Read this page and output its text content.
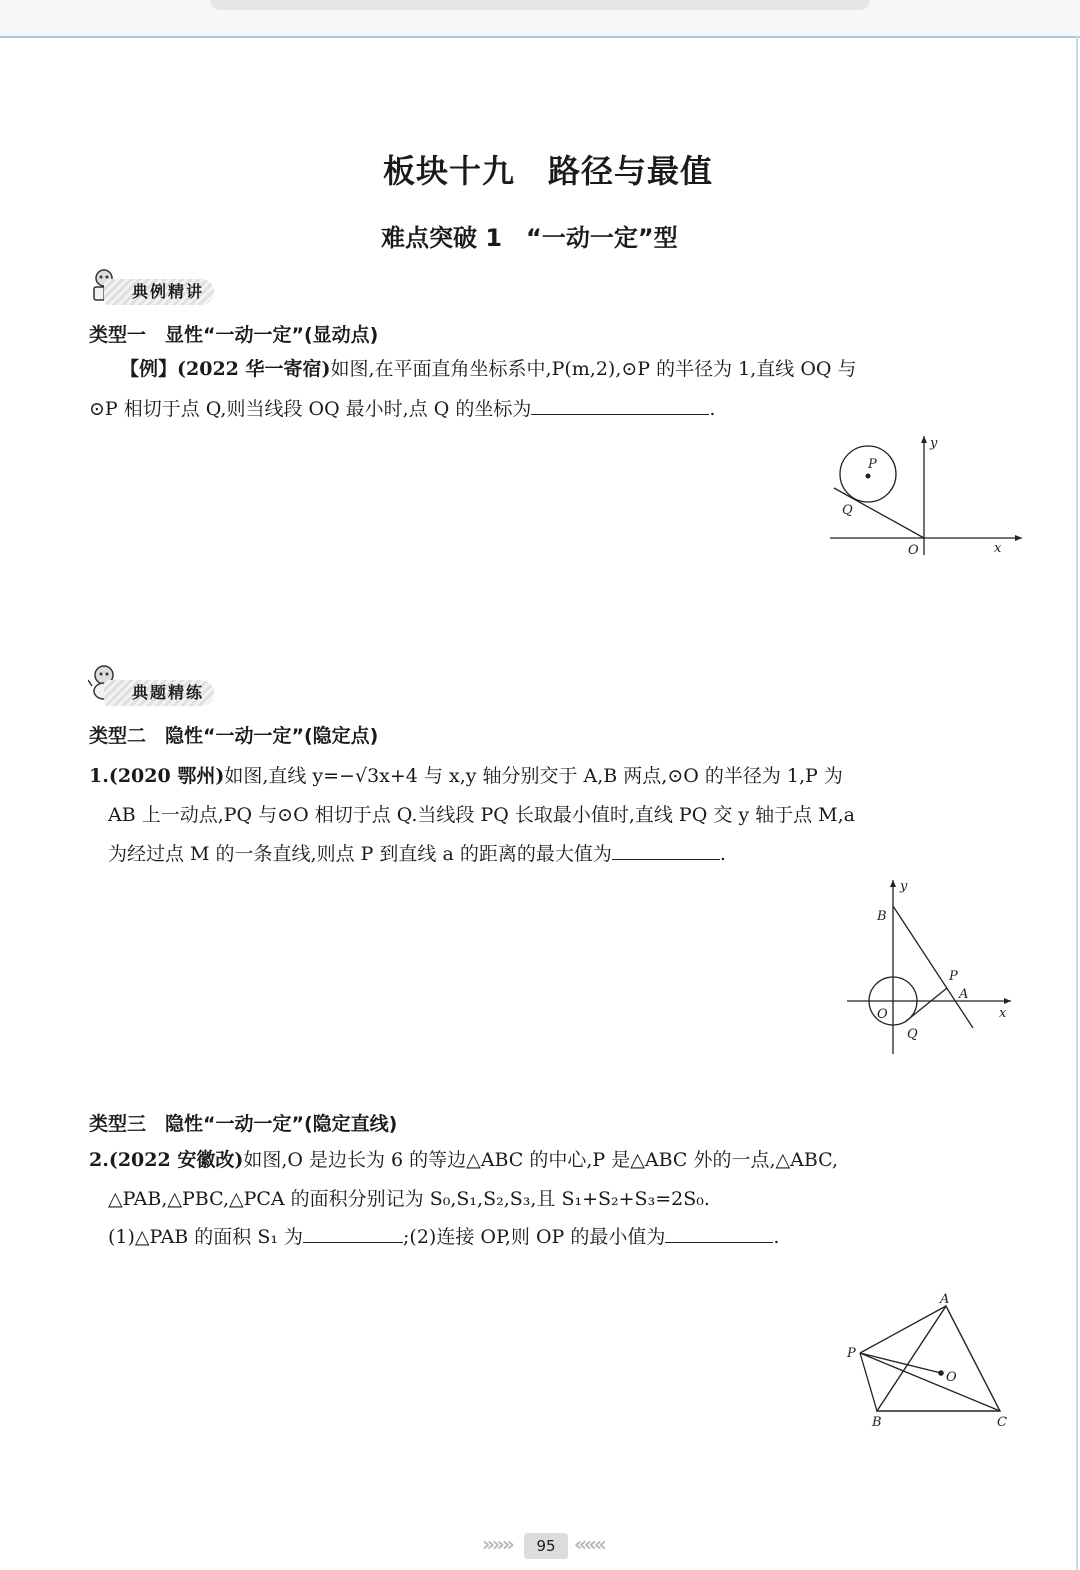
板块十九　路径与最值
难点突破 1　“一动一定”型
典例精讲
类型一　显性“一动一定”(显动点)
【例】(2022 华一寄宿)如图,在平面直角坐标系中,P(m,2),⊙P 的半径为 1,直线 OQ 与
⊙P 相切于点 Q,则当线段 OQ 最小时,点 Q 的坐标为	.
P
Q
O	x
y
典题精练
类型二　隐性“一动一定”(隐定点)
1.(2020 鄂州)如图,直线 y=−√3x+4 与 x,y 轴分别交于 A,B 两点,⊙O 的半径为 1,P 为
AB 上一动点,PQ 与⊙O 相切于点 Q.当线段 PQ 长取最小值时,直线 PQ 交 y 轴于点 M,a
为经过点 M 的一条直线,则点 P 到直线 a 的距离的最大值为	.
B
P
A
O
Q
x
y
类型三　隐性“一动一定”(隐定直线)
2.(2022 安徽改)如图,O 是边长为 6 的等边△ABC 的中心,P 是△ABC 外的一点,△ABC,
△PAB,△PBC,△PCA 的面积分别记为 S₀,S₁,S₂,S₃,且 S₁+S₂+S₃=2S₀.
(1)△PAB 的面积 S₁ 为	;(2)连接 OP,则 OP 的最小值为	.
A
P
O
B	C
»»»	95 «««
